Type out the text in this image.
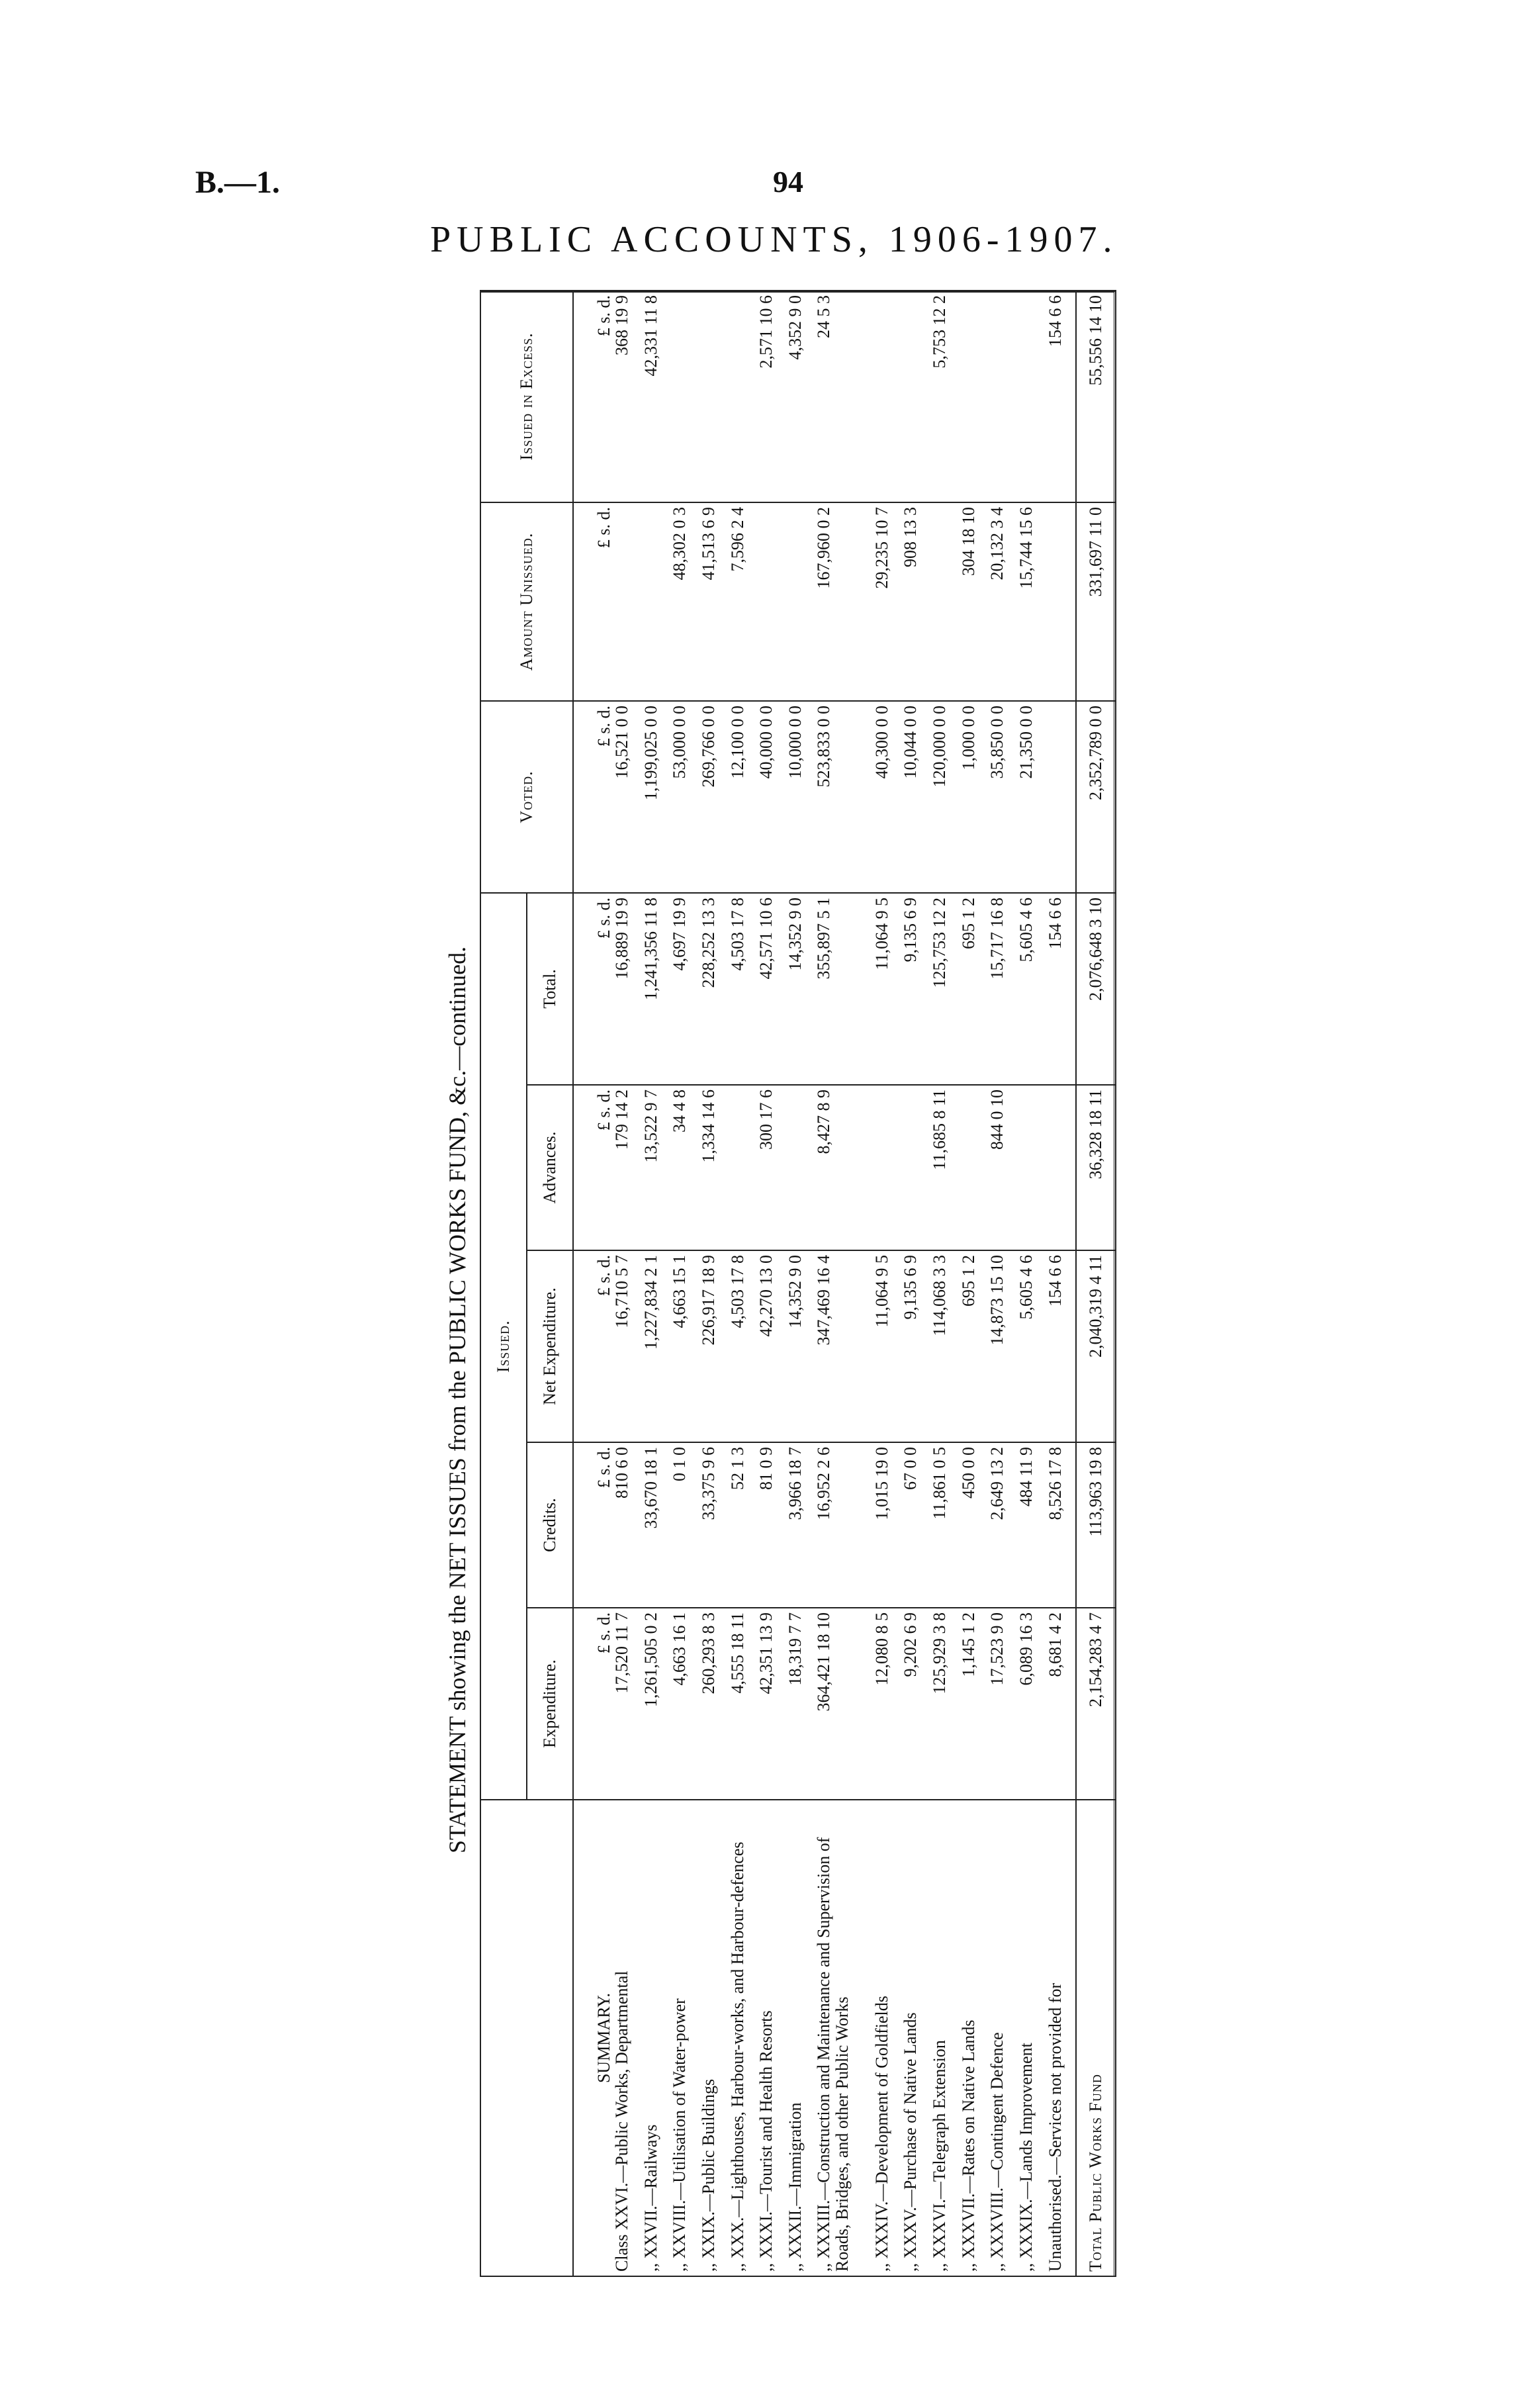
B.—1.	94
PUBLIC ACCOUNTS, 1906-1907.
STATEMENT showing the NET ISSUES from the PUBLIC WORKS FUND, &c.—continued.
	Issued.					Voted.	Amount Unissued.	Issued in Excess.
	Expenditure.	Credits.	Net Expenditure.	Advances.	Total.			
SUMMARY.	£ s. d.	£ s. d.	£ s. d.	£ s. d.	£ s. d.	£ s. d.	£ s. d.	£ s. d.
Class XXVI.—Public Works, Departmental	17,520 11 7	810 6 0	16,710 5 7	179 14 2	16,889 19 9	16,521 0 0		368 19 9
,, XXVII.—Railways	1,261,505 0 2	33,670 18 1	1,227,834 2 1	13,522 9 7	1,241,356 11 8	1,199,025 0 0		42,331 11 8
,, XXVIII.—Utilisation of Water-power	4,663 16 1	0 1 0	4,663 15 1	34 4 8	4,697 19 9	53,000 0 0	48,302 0 3	
,, XXIX.—Public Buildings	260,293 8 3	33,375 9 6	226,917 18 9	1,334 14 6	228,252 13 3	269,766 0 0	41,513 6 9	
,, XXX.—Lighthouses, Harbour-works, and Harbour-defences	4,555 18 11	52 1 3	4,503 17 8		4,503 17 8	12,100 0 0	7,596 2 4	
,, XXXI.—Tourist and Health Resorts	42,351 13 9	81 0 9	42,270 13 0	300 17 6	42,571 10 6	40,000 0 0		2,571 10 6
,, XXXII.—Immigration	18,319 7 7	3,966 18 7	14,352 9 0		14,352 9 0	10,000 0 0		4,352 9 0
,, XXXIII.—Construction and Maintenance and Supervision of Roads, Bridges, and other Public Works	364,421 18 10	16,952 2 6	347,469 16 4	8,427 8 9	355,897 5 1	523,833 0 0	167,960 0 2	24 5 3
,, XXXIV.—Development of Goldfields	12,080 8 5	1,015 19 0	11,064 9 5		11,064 9 5	40,300 0 0	29,235 10 7	
,, XXXV.—Purchase of Native Lands	9,202 6 9	67 0 0	9,135 6 9		9,135 6 9	10,044 0 0	908 13 3	
,, XXXVI.—Telegraph Extension	125,929 3 8	11,861 0 5	114,068 3 3	11,685 8 11	125,753 12 2	120,000 0 0		5,753 12 2
,, XXXVII.—Rates on Native Lands	1,145 1 2	450 0 0	695 1 2		695 1 2	1,000 0 0	304 18 10	
,, XXXVIII.—Contingent Defence	17,523 9 0	2,649 13 2	14,873 15 10	844 0 10	15,717 16 8	35,850 0 0	20,132 3 4	
,, XXXIX.—Lands Improvement	6,089 16 3	484 11 9	5,605 4 6		5,605 4 6	21,350 0 0	15,744 15 6	
Unauthorised.—Services not provided for	8,681 4 2	8,526 17 8	154 6 6		154 6 6			154 6 6
Total Public Works Fund	2,154,283 4 7	113,963 19 8	2,040,319 4 11	36,328 18 11	2,076,648 3 10	2,352,789 0 0	331,697 11 0	55,556 14 10
